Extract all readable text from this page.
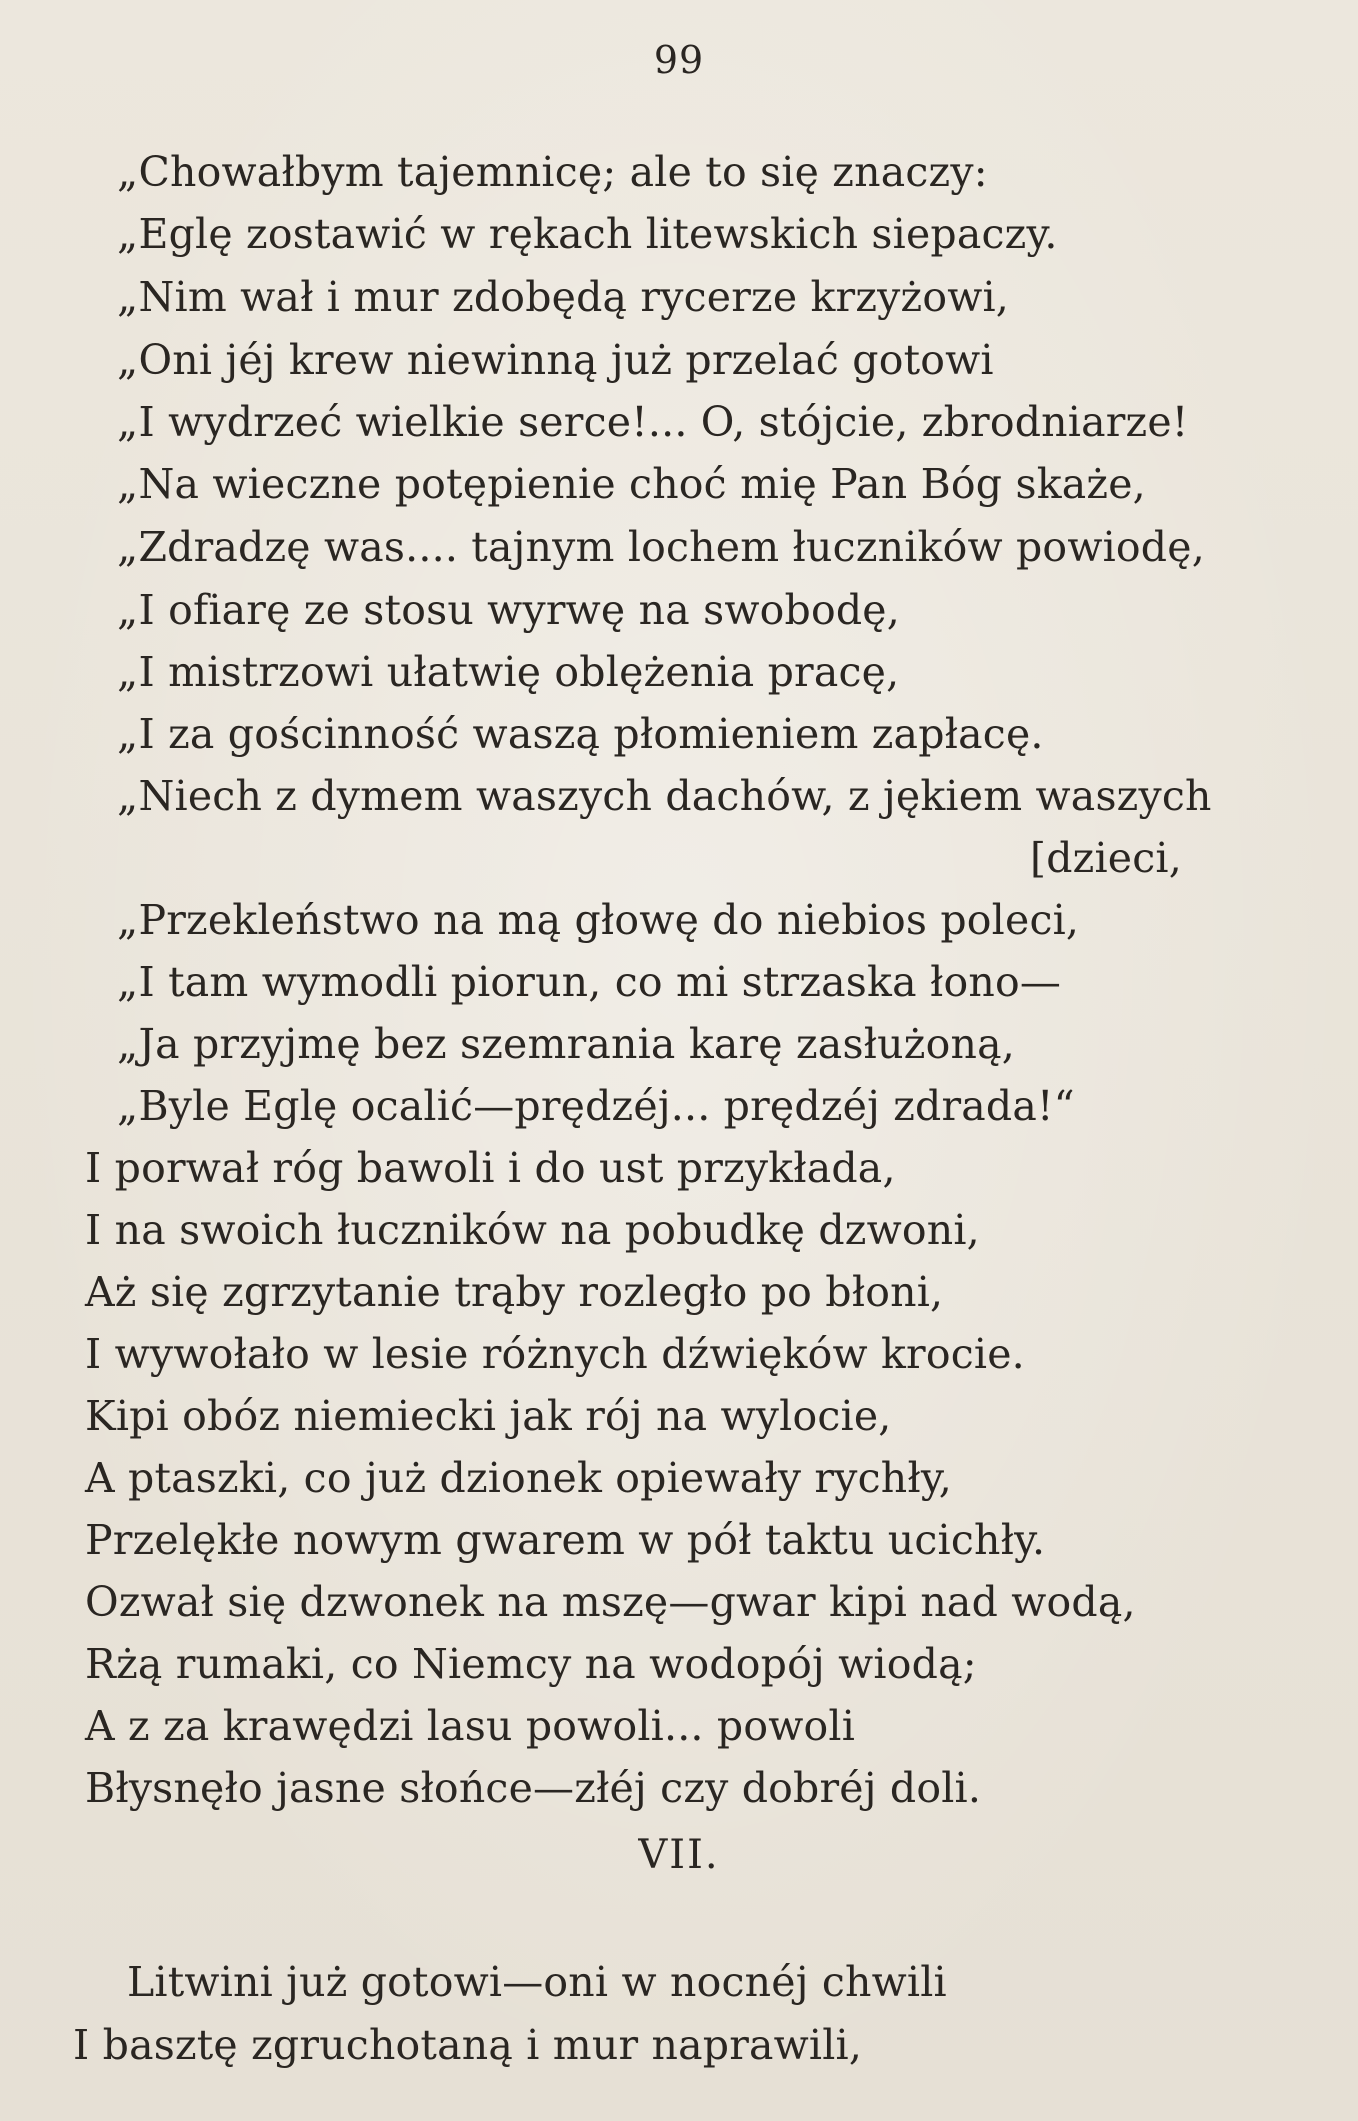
99
„Chowałbym tajemnicę; ale to się znaczy:
„Eglę zostawić w rękach litewskich siepaczy.
„Nim wał i mur zdobędą rycerze krzyżowi,
„Oni jéj krew niewinną już przelać gotowi
„I wydrzeć wielkie serce!... O, stójcie, zbrodniarze!
„Na wieczne potępienie choć mię Pan Bóg skaże,
„Zdradzę was.... tajnym lochem łuczników powiodę,
„I ofiarę ze stosu wyrwę na swobodę,
„I mistrzowi ułatwię oblężenia pracę,
„I za gościnność waszą płomieniem zapłacę.
„Niech z dymem waszych dachów, z jękiem waszych
[dzieci,
„Przekleństwo na mą głowę do niebios poleci,
„I tam wymodli piorun, co mi strzaska łono—
„Ja przyjmę bez szemrania karę zasłużoną,
„Byle Eglę ocalić—prędzéj... prędzéj zdrada!“
I porwał róg bawoli i do ust przykłada,
I na swoich łuczników na pobudkę dzwoni,
Aż się zgrzytanie trąby rozległo po błoni,
I wywołało w lesie różnych dźwięków krocie.
Kipi obóz niemiecki jak rój na wylocie,
A ptaszki, co już dzionek opiewały rychły,
Przelękłe nowym gwarem w pół taktu ucichły.
Ozwał się dzwonek na mszę—gwar kipi nad wodą,
Rżą rumaki, co Niemcy na wodopój wiodą;
A z za krawędzi lasu powoli... powoli
Błysnęło jasne słońce—złéj czy dobréj doli.
VII.
Litwini już gotowi—oni w nocnéj chwili
I basztę zgruchotaną i mur naprawili,
